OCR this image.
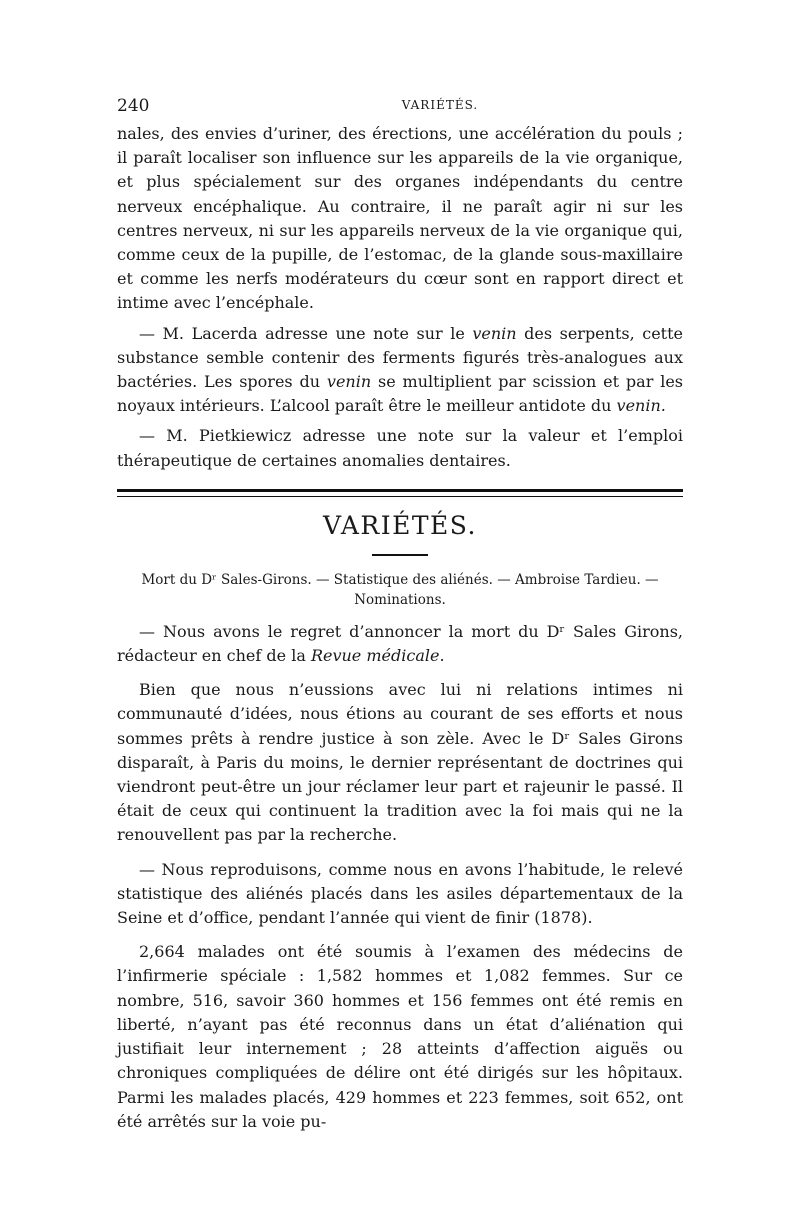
240	VARIÉTÉS.

nales, des envies d’uriner, des érections, une accélération du pouls ; il paraît localiser son influence sur les appareils de la vie organique, et plus spécialement sur des organes indépendants du centre nerveux encéphalique. Au contraire, il ne paraît agir ni sur les centres nerveux, ni sur les appareils nerveux de la vie organique qui, comme ceux de la pupille, de l’estomac, de la glande sous-maxillaire et comme les nerfs modérateurs du cœur sont en rapport direct et intime avec l’encéphale.

— M. Lacerda adresse une note sur le venin des serpents, cette substance semble contenir des ferments figurés très-analogues aux bactéries. Les spores du venin se multiplient par scission et par les noyaux intérieurs. L’alcool paraît être le meilleur antidote du venin.

— M. Pietkiewicz adresse une note sur la valeur et l’emploi thérapeutique de certaines anomalies dentaires.

VARIÉTÉS.
Mort du Dʳ Sales-Girons. — Statistique des aliénés. — Ambroise Tardieu. — Nominations.

— Nous avons le regret d’annoncer la mort du Dʳ Sales Girons, rédacteur en chef de la Revue médicale.

Bien que nous n’eussions avec lui ni relations intimes ni communauté d’idées, nous étions au courant de ses efforts et nous sommes prêts à rendre justice à son zèle. Avec le Dʳ Sales Girons disparaît, à Paris du moins, le dernier représentant de doctrines qui viendront peut-être un jour réclamer leur part et rajeunir le passé. Il était de ceux qui continuent la tradition avec la foi mais qui ne la renouvellent pas par la recherche.

— Nous reproduisons, comme nous en avons l’habitude, le relevé statistique des aliénés placés dans les asiles départementaux de la Seine et d’office, pendant l’année qui vient de finir (1878).

2,664 malades ont été soumis à l’examen des médecins de l’infirmerie spéciale : 1,582 hommes et 1,082 femmes. Sur ce nombre, 516, savoir 360 hommes et 156 femmes ont été remis en liberté, n’ayant pas été reconnus dans un état d’aliénation qui justifiait leur internement ; 28 atteints d’affection aiguës ou chroniques compliquées de délire ont été dirigés sur les hôpitaux. Parmi les malades placés, 429 hommes et 223 femmes, soit 652, ont été arrêtés sur la voie pu-
